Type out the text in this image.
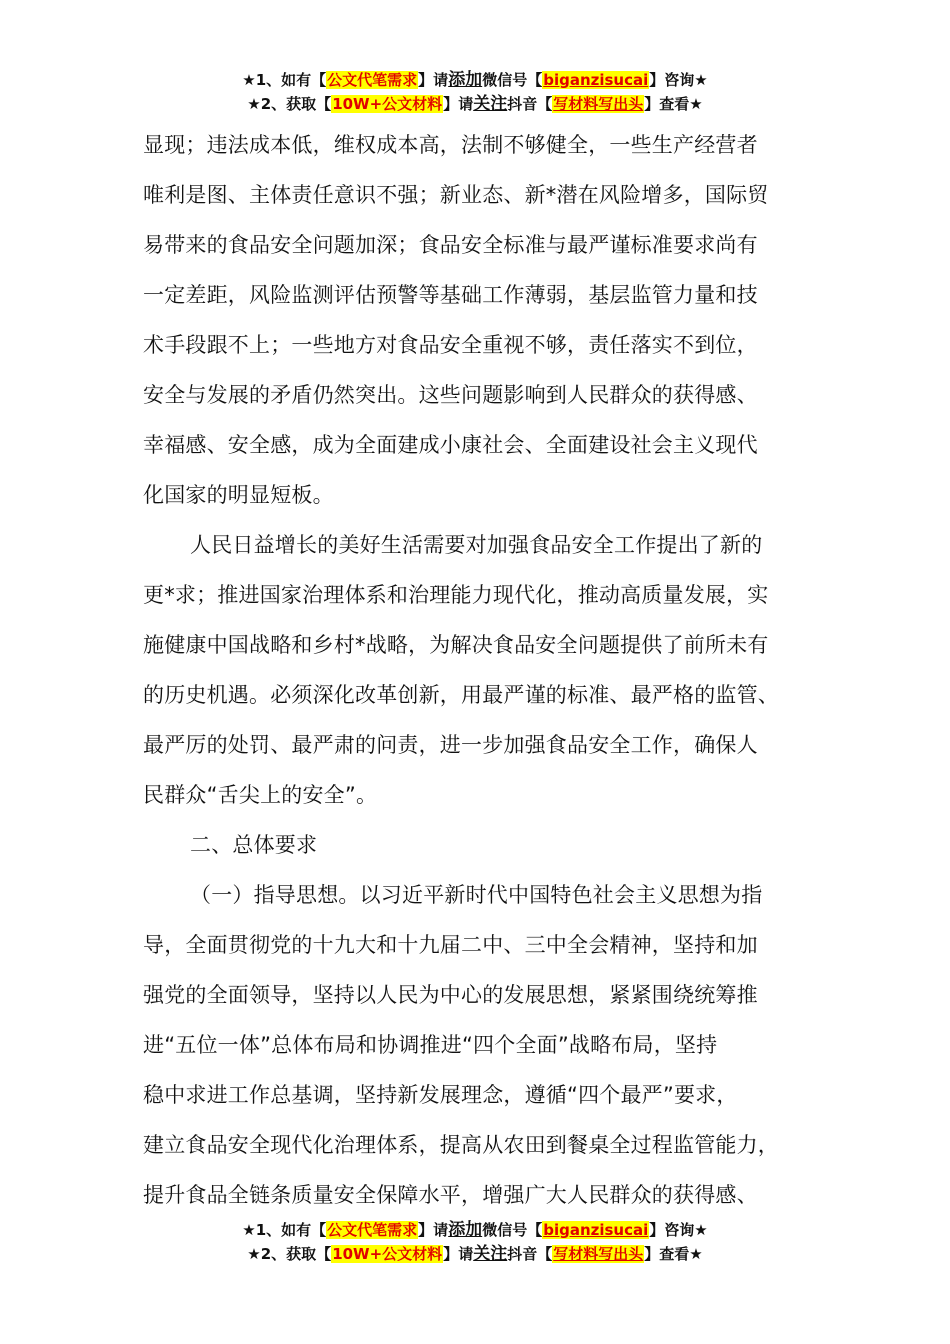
★1、如有【公文代笔需求】请添加微信号【biganzisucai】咨询★
★2、获取【10W+公文材料】请关注抖音【写材料写出头】查看★

显现；违法成本低，维权成本高，法制不够健全，一些生产经营者
唯利是图、主体责任意识不强；新业态、新*潜在风险增多，国际贸
易带来的食品安全问题加深；食品安全标准与最严谨标准要求尚有
一定差距，风险监测评估预警等基础工作薄弱，基层监管力量和技
术手段跟不上；一些地方对食品安全重视不够，责任落实不到位，
安全与发展的矛盾仍然突出。这些问题影响到人民群众的获得感、
幸福感、安全感，成为全面建成小康社会、全面建设社会主义现代
化国家的明显短板。

人民日益增长的美好生活需要对加强食品安全工作提出了新的
更*求；推进国家治理体系和治理能力现代化，推动高质量发展，实
施健康中国战略和乡村*战略，为解决食品安全问题提供了前所未有
的历史机遇。必须深化改革创新，用最严谨的标准、最严格的监管、
最严厉的处罚、最严肃的问责，进一步加强食品安全工作，确保人
民群众“舌尖上的安全”。

二、总体要求

（一）指导思想。以习近平新时代中国特色社会主义思想为指
导，全面贯彻党的十九大和十九届二中、三中全会精神，坚持和加
强党的全面领导，坚持以人民为中心的发展思想，紧紧围绕统筹推
进“五位一体”总体布局和协调推进“四个全面”战略布局，坚持
稳中求进工作总基调，坚持新发展理念，遵循“四个最严”要求，
建立食品安全现代化治理体系，提高从农田到餐桌全过程监管能力，
提升食品全链条质量安全保障水平，增强广大人民群众的获得感、

★1、如有【公文代笔需求】请添加微信号【biganzisucai】咨询★
★2、获取【10W+公文材料】请关注抖音【写材料写出头】查看★
